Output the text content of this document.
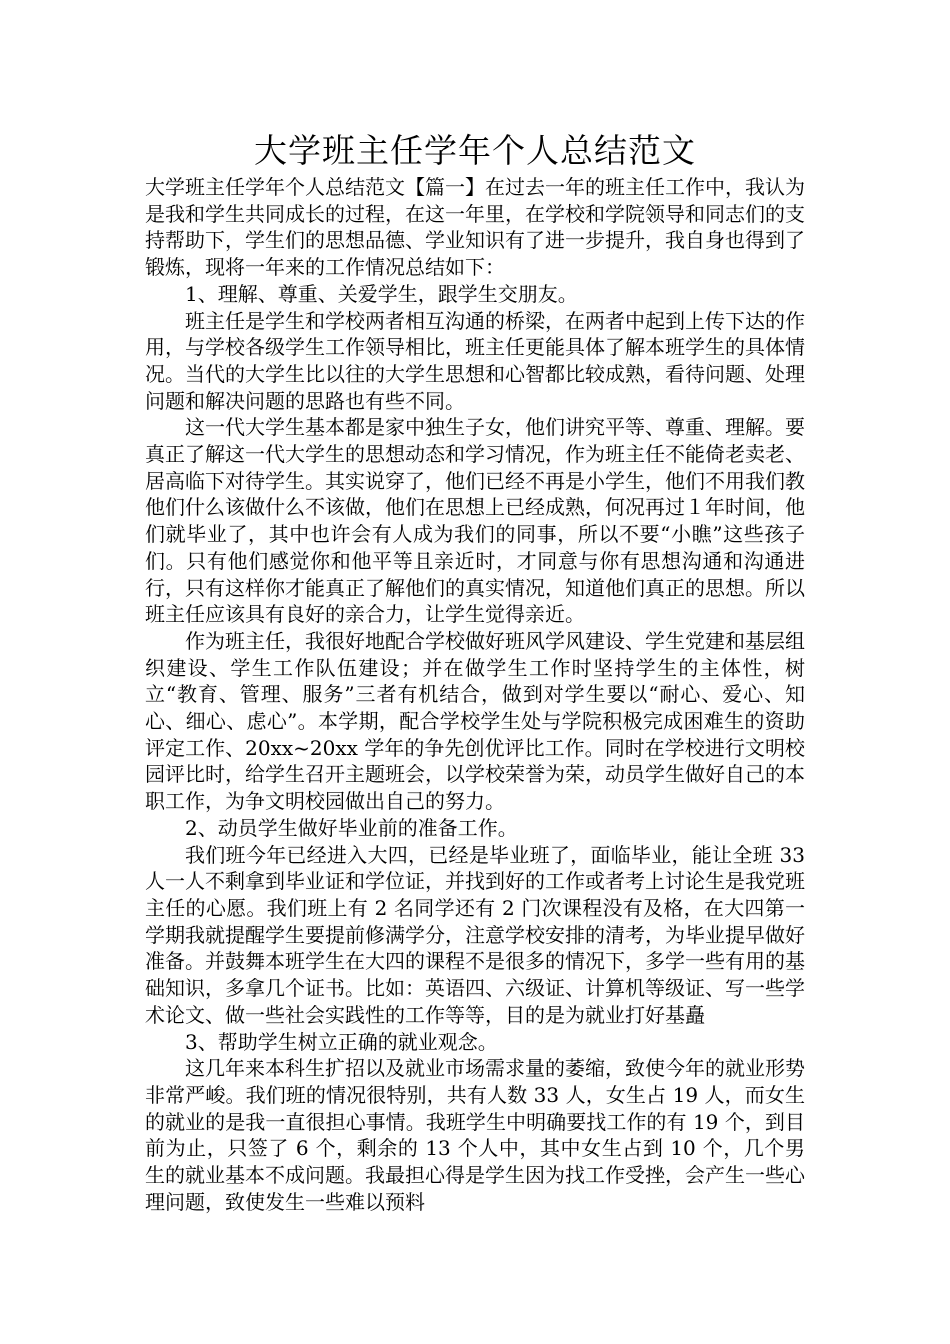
大学班主任学年个人总结范文

大学班主任学年个人总结范文【篇一】在过去一年的班主任工作中，我认为是我和学生共同成长的过程，在这一年里，在学校和学院领导和同志们的支持帮助下，学生们的思想品德、学业知识有了进一步提升，我自身也得到了锻炼，现将一年来的工作情况总结如下：

1、理解、尊重、关爱学生，跟学生交朋友。

班主任是学生和学校两者相互沟通的桥梁，在两者中起到上传下达的作用，与学校各级学生工作领导相比，班主任更能具体了解本班学生的具体情况。当代的大学生比以往的大学生思想和心智都比较成熟，看待问题、处理问题和解决问题的思路也有些不同。

这一代大学生基本都是家中独生子女，他们讲究平等、尊重、理解。要真正了解这一代大学生的思想动态和学习情况，作为班主任不能倚老卖老、居高临下对待学生。其实说穿了，他们已经不再是小学生，他们不用我们教他们什么该做什么不该做，他们在思想上已经成熟，何况再过１年时间，他们就毕业了，其中也许会有人成为我们的同事，所以不要“小瞧”这些孩子们。只有他们感觉你和他平等且亲近时，才同意与你有思想沟通和沟通进行，只有这样你才能真正了解他们的真实情况，知道他们真正的思想。所以班主任应该具有良好的亲合力，让学生觉得亲近。

作为班主任，我很好地配合学校做好班风学风建设、学生党建和基层组织建设、学生工作队伍建设；并在做学生工作时坚持学生的主体性，树立“教育、管理、服务”三者有机结合，做到对学生要以“耐心、爱心、知心、细心、虑心”。本学期，配合学校学生处与学院积极完成困难生的资助评定工作、20xx~20xx 学年的争先创优评比工作。同时在学校进行文明校园评比时，给学生召开主题班会，以学校荣誉为荣，动员学生做好自己的本职工作，为争文明校园做出自己的努力。

2、动员学生做好毕业前的准备工作。

我们班今年已经进入大四，已经是毕业班了，面临毕业，能让全班 33 人一人不剩拿到毕业证和学位证，并找到好的工作或者考上讨论生是我党班主任的心愿。我们班上有 2 名同学还有 2 门次课程没有及格，在大四第一学期我就提醒学生要提前修满学分，注意学校安排的清考，为毕业提早做好准备。并鼓舞本班学生在大四的课程不是很多的情况下，多学一些有用的基础知识，多拿几个证书。比如：英语四、六级证、计算机等级证、写一些学术论文、做一些社会实践性的工作等等，目的是为就业打好基矗

3、帮助学生树立正确的就业观念。

这几年来本科生扩招以及就业市场需求量的萎缩，致使今年的就业形势非常严峻。我们班的情况很特别，共有人数 33 人，女生占 19 人，而女生的就业的是我一直很担心事情。我班学生中明确要找工作的有 19 个，到目前为止，只签了 6 个，剩余的 13 个人中，其中女生占到 10 个，几个男生的就业基本不成问题。我最担心得是学生因为找工作受挫，会产生一些心理问题，致使发生一些难以预料
